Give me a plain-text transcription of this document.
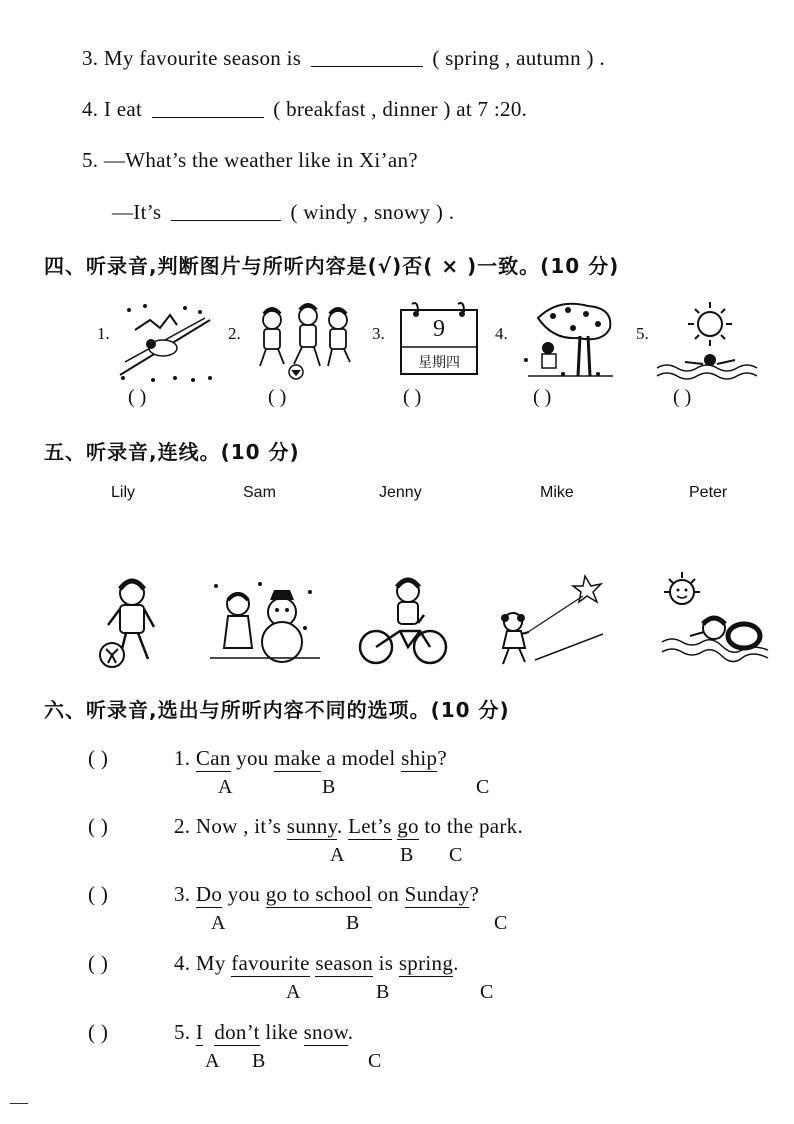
3. My favourite season is	( spring , autumn ) .
4. I eat	( breakfast , dinner ) at 7 :20.
5. —What’s the weather like in Xi’an?
—It’s	( windy , snowy ) .
四、听录音,判断图片与所听内容是(√)否( × )一致。(10 分)
1.	2.	3.	4.	5.
9
星期四
( )	( )	( )	( )	( )
五、听录音,连线。(10 分)
Lily	Sam	Jenny	Mike	Peter
六、听录音,选出与所听内容不同的选项。(10 分)
( )	1. Can you make a model ship?
A	B	C
( )	2. Now , it’s sunny. Let’s go to the park.
A	B C
( )	3. Do you go to school on Sunday?
A	B	C
( )	4. My favourite season is spring.
A	B	C
( )	5. I don’t like snow.
A B	C
—
